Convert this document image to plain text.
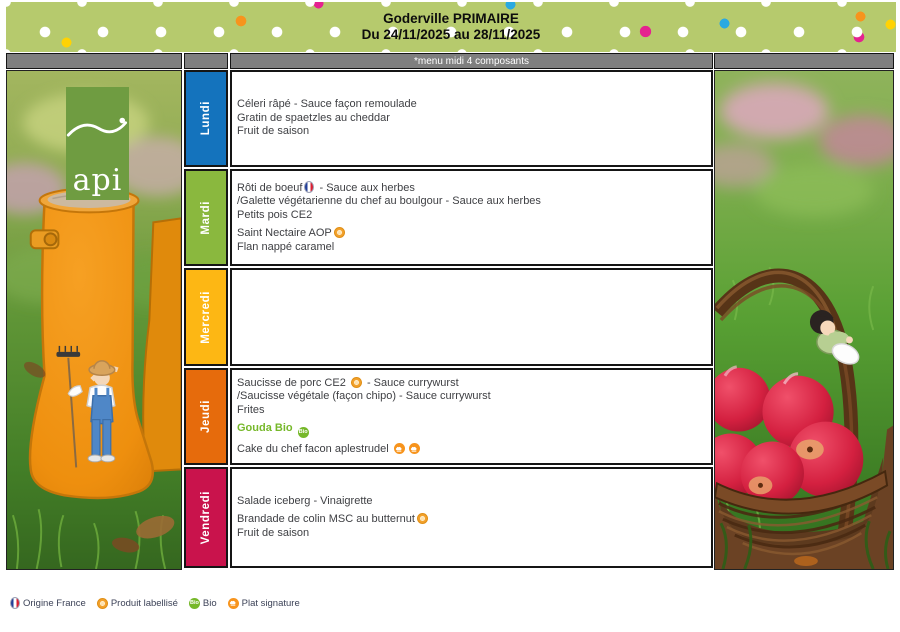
Goderville PRIMAIRE
Du 24/11/2025 au 28/11/2025
*menu midi 4 composants
api
Lundi Céleri râpé - Sauce façon remoulade
Gratin de spaetzles au cheddar
Fruit de saison
Mardi
Rôti de boeuf - Sauce aux herbes
/Galette végétarienne du chef au boulgour - Sauce aux herbes
Petits pois CE2
Saint Nectaire AOP
Flan nappé caramel
Mercredi
Jeudi
Saucisse de porc CE2
- Sauce currywurst
/Saucisse végétale (façon chipo) - Sauce currywurst
Frites
Gouda Bio Bio
Cake du chef facon aplestrudel
Vendredi Salade iceberg - Vinaigrette
Brandade de colin MSC au butternut
Fruit de saison
Origine France	Produit labellisé Bio Bio	Plat signature
